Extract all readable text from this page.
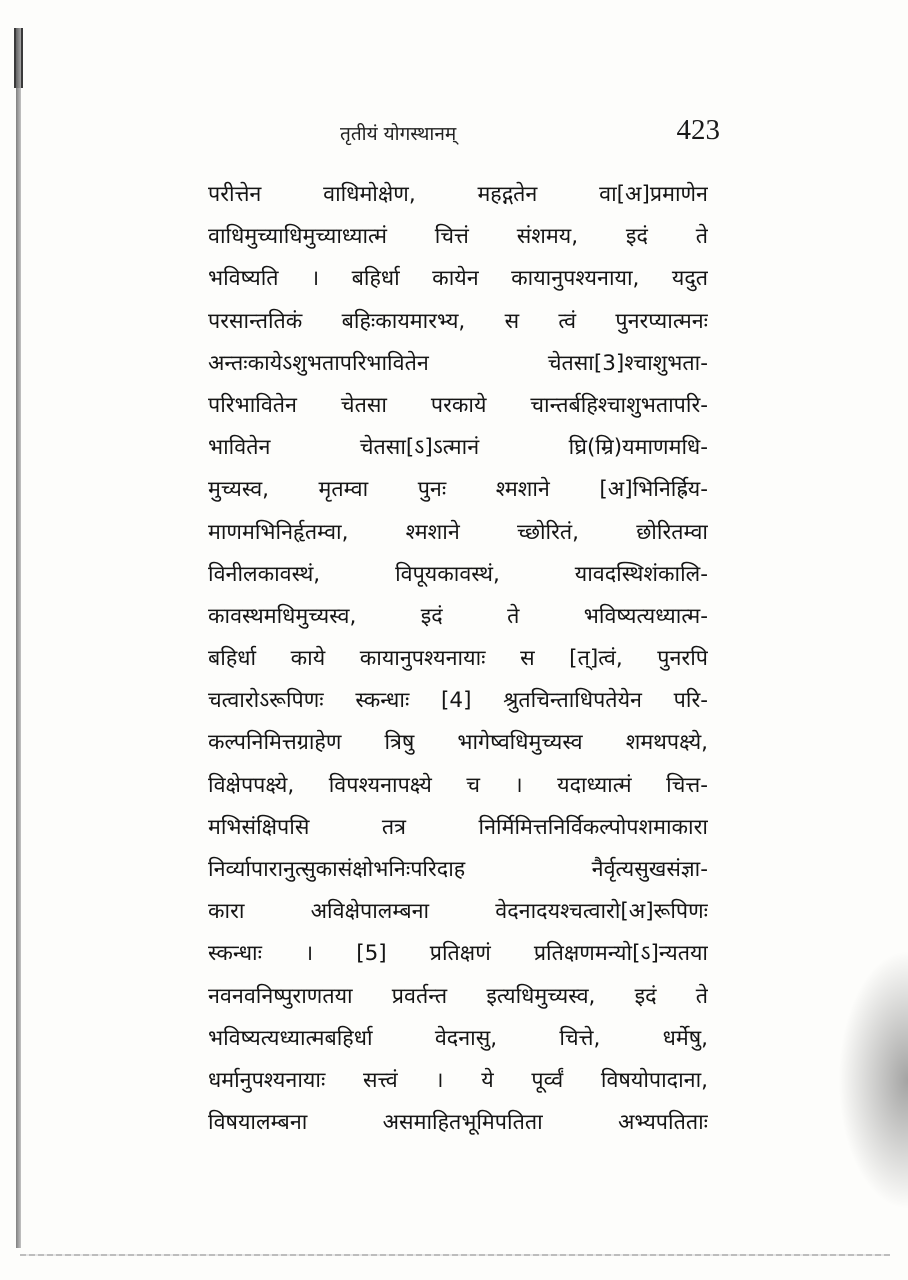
तृतीयं योगस्थानम्	423
परीत्तेन वाधिमोक्षेण, महद्गतेन वा[अ]प्रमाणेन
वाधिमुच्याधिमुच्याध्यात्मं चित्तं संशमय, इदं ते
भविष्यति । बहिर्धा कायेन कायानुपश्यनाया, यदुत
परसान्ततिकं बहिःकायमारभ्य, स त्वं पुनरप्यात्मनः
अन्तःकायेऽशुभतापरिभावितेन चेतसा[3]श्चाशुभता-
परिभावितेन चेतसा परकाये चान्तर्बहिश्चाशुभतापरि-
भावितेन चेतसा[ऽ]ऽत्मानं घ्रि(म्रि)यमाणमधि-
मुच्यस्व, मृतम्वा पुनः श्मशाने [अ]भिनिर्ह्रिय-
माणमभिनिर्हृतम्वा, श्मशाने च्छोरितं, छोरितम्वा
विनीलकावस्थं, विपूयकावस्थं, यावदस्थिशंकालि-
कावस्थमधिमुच्यस्व, इदं ते भविष्यत्यध्यात्म-
बहिर्धा काये कायानुपश्यनायाः स [त्]त्वं, पुनरपि
चत्वारोऽरूपिणः स्कन्धाः [4] श्रुतचिन्ताधिपतेयेन परि-
कल्पनिमित्तग्राहेण त्रिषु भागेष्वधिमुच्यस्व शमथपक्ष्ये,
विक्षेपपक्ष्ये, विपश्यनापक्ष्ये च । यदाध्यात्मं चित्त-
मभिसंक्षिपसि तत्र निर्मिमित्तनिर्विकल्पोपशमाकारा
निर्व्यापारानुत्सुकासंक्षोभनिःपरिदाह नैर्वृत्यसुखसंज्ञा-
कारा अविक्षेपालम्बना वेदनादयश्चत्वारो[अ]रूपिणः
स्कन्धाः । [5] प्रतिक्षणं प्रतिक्षणमन्यो[ऽ]न्यतया
नवनवनिष्पुराणतया प्रवर्तन्त इत्यधिमुच्यस्व, इदं ते
भविष्यत्यध्यात्मबहिर्धा वेदनासु, चित्ते, धर्मेषु,
धर्मानुपश्यनायाः सत्त्वं । ये पूर्व्वं विषयोपादाना,
विषयालम्बना असमाहितभूमिपतिता अभ्यपतिताः
